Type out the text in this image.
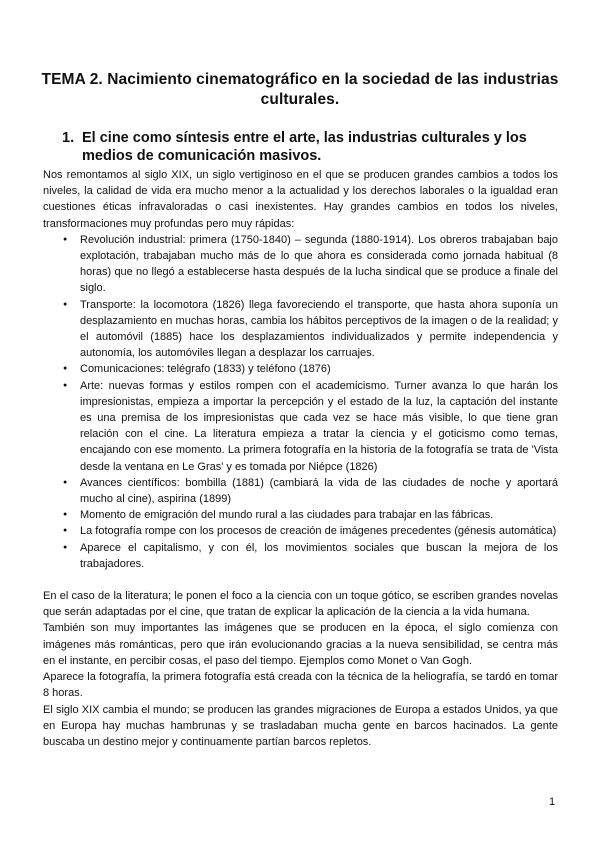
TEMA 2. Nacimiento cinematográfico en la sociedad de las industrias culturales.
1. El cine como síntesis entre el arte, las industrias culturales y los medios de comunicación masivos.

Nos remontamos al siglo XIX, un siglo vertiginoso en el que se producen grandes cambios a todos los niveles, la calidad de vida era mucho menor a la actualidad y los derechos laborales o la igualdad eran cuestiones éticas infravaloradas o casi inexistentes. Hay grandes cambios en todos los niveles, transformaciones muy profundas pero muy rápidas:

● Revolución industrial: primera (1750-1840) – segunda (1880-1914). Los obreros trabajaban bajo explotación, trabajaban mucho más de lo que ahora es considerada como jornada habitual (8 horas) que no llegó a establecerse hasta después de la lucha sindical que se produce a finale del siglo.
● Transporte: la locomotora (1826) llega favoreciendo el transporte, que hasta ahora suponía un desplazamiento en muchas horas, cambia los hábitos perceptivos de la imagen o de la realidad; y el automóvil (1885) hace los desplazamientos individualizados y permite independencia y autonomía, los automóviles llegan a desplazar los carruajes.
● Comunicaciones: telégrafo (1833) y teléfono (1876)
● Arte: nuevas formas y estilos rompen con el academicismo. Turner avanza lo que harán los impresionistas, empieza a importar la percepción y el estado de la luz, la captación del instante es una premisa de los impresionistas que cada vez se hace más visible, lo que tiene gran relación con el cine. La literatura empieza a tratar la ciencia y el goticismo como temas, encajando con ese momento. La primera fotografía en la historia de la fotografía se trata de 'Vista desde la ventana en Le Gras' y es tomada por Niépce (1826)
● Avances científicos: bombilla (1881) (cambiará la vida de las ciudades de noche y aportará mucho al cine), aspirina (1899)
● Momento de emigración del mundo rural a las ciudades para trabajar en las fábricas.
● La fotografía rompe con los procesos de creación de imágenes precedentes (génesis automática)
● Aparece el capitalismo, y con él, los movimientos sociales que buscan la mejora de los trabajadores.

En el caso de la literatura; le ponen el foco a la ciencia con un toque gótico, se escriben grandes novelas que serán adaptadas por el cine, que tratan de explicar la aplicación de la ciencia a la vida humana.

También son muy importantes las imágenes que se producen en la época, el siglo comienza con imágenes más románticas, pero que irán evolucionando gracias a la nueva sensibilidad, se centra más en el instante, en percibir cosas, el paso del tiempo. Ejemplos como Monet o Van Gogh.

Aparece la fotografía, la primera fotografía está creada con la técnica de la heliografía, se tardó en tomar 8 horas.

El siglo XIX cambia el mundo; se producen las grandes migraciones de Europa a estados Unidos, ya que en Europa hay muchas hambrunas y se trasladaban mucha gente en barcos hacinados. La gente buscaba un destino mejor y continuamente partían barcos repletos.

1
